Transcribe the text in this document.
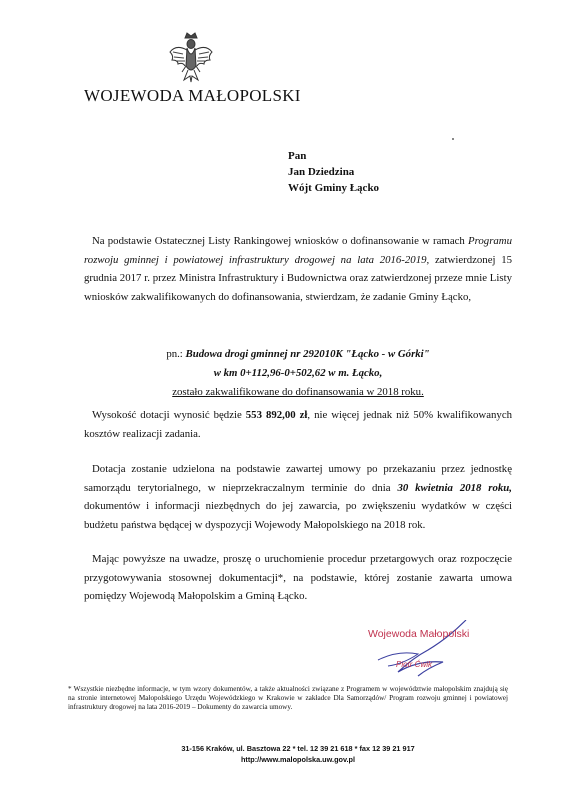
WOJEWODA MAŁOPOLSKI
Pan
Jan Dziedzina
Wójt Gminy Łącko
Na podstawie Ostatecznej Listy Rankingowej wniosków o dofinansowanie w ramach Programu rozwoju gminnej i powiatowej infrastruktury drogowej na lata 2016-2019, zatwierdzonej 15 grudnia 2017 r. przez Ministra Infrastruktury i Budownictwa oraz zatwierdzonej przeze mnie Listy wniosków zakwalifikowanych do dofinansowania, stwierdzam, że zadanie Gminy Łącko,
pn.: Budowa drogi gminnej nr 292010K "Łącko - w Górki"
w km 0+112,96-0+502,62 w m. Łącko,
zostało zakwalifikowane do dofinansowania w 2018 roku.
Wysokość dotacji wynosić będzie 553 892,00 zł, nie więcej jednak niż 50% kwalifikowanych kosztów realizacji zadania.
Dotacja zostanie udzielona na podstawie zawartej umowy po przekazaniu przez jednostkę samorządu terytorialnego, w nieprzekraczalnym terminie do dnia 30 kwietnia 2018 roku, dokumentów i informacji niezbędnych do jej zawarcia, po zwiększeniu wydatków w części budżetu państwa będącej w dyspozycji Wojewody Małopolskiego na 2018 rok.
Mając powyższe na uwadze, proszę o uruchomienie procedur przetargowych oraz rozpoczęcie przygotowywania stosownej dokumentacji*, na podstawie, której zostanie zawarta umowa pomiędzy Wojewodą Małopolskim a Gminą Łącko.
Wojewoda Małopolski
Piotr Ćwik
* Wszystkie niezbędne informacje, w tym wzory dokumentów, a także aktualności związane z Programem w województwie małopolskim znajdują się na stronie internetowej Małopolskiego Urzędu Wojewódzkiego w Krakowie w zakładce Dla Samorządów/ Program rozwoju gminnej i powiatowej infrastruktury drogowej na lata 2016-2019 – Dokumenty do zawarcia umowy.
31-156 Kraków, ul. Basztowa 22 * tel. 12 39 21 618 * fax 12 39 21 917
http://www.malopolska.uw.gov.pl
